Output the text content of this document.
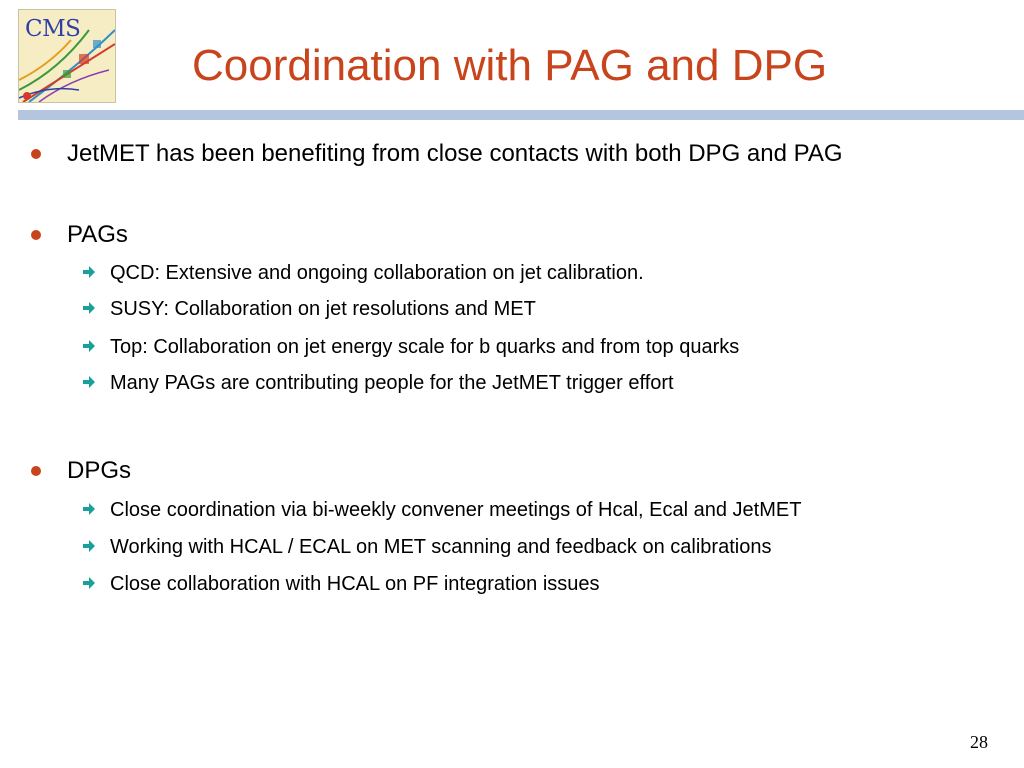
CMS
Coordination with PAG and DPG
JetMET has been benefiting from close contacts with both DPG and PAG
PAGs
QCD: Extensive and ongoing collaboration on jet calibration.
SUSY: Collaboration on jet resolutions and MET
Top: Collaboration on jet energy scale for b quarks and from top quarks
Many PAGs are contributing people for the JetMET trigger effort
DPGs
Close coordination via bi-weekly convener meetings of Hcal, Ecal and JetMET
Working with HCAL / ECAL on MET scanning and feedback on calibrations
Close collaboration with HCAL on PF integration issues
28
